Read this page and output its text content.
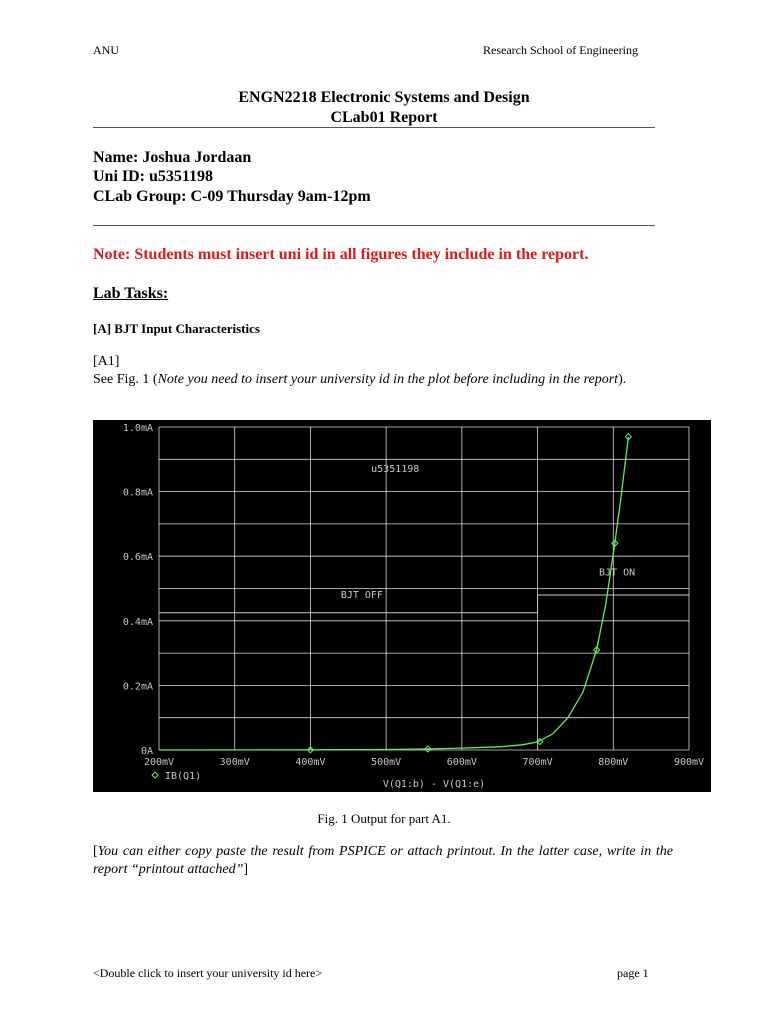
ANU	Research School of Engineering
ENGN2218 Electronic Systems and Design
CLab01 Report
Name: Joshua Jordaan
Uni ID: u5351198
CLab Group: C-09 Thursday 9am-12pm
Note: Students must insert uni id in all figures they include in the report.
Lab Tasks:
[A] BJT Input Characteristics
[A1]
See Fig. 1 (Note you need to insert your university id in the plot before including in the report).
200mV	300mV	400mV	500mV	600mV	700mV	800mV	900mV
0A
0.2mA
0.4mA
0.6mA
0.8mA
1.0mA
u5351198
BJT OFF
BJT ON
IB(Q1)
V(Q1:b) - V(Q1:e)
Fig. 1 Output for part A1.
[You can either copy paste the result from PSPICE or attach printout. In the latter case, write in the report “printout attached”]
<Double click to insert your university id here>	page 1
